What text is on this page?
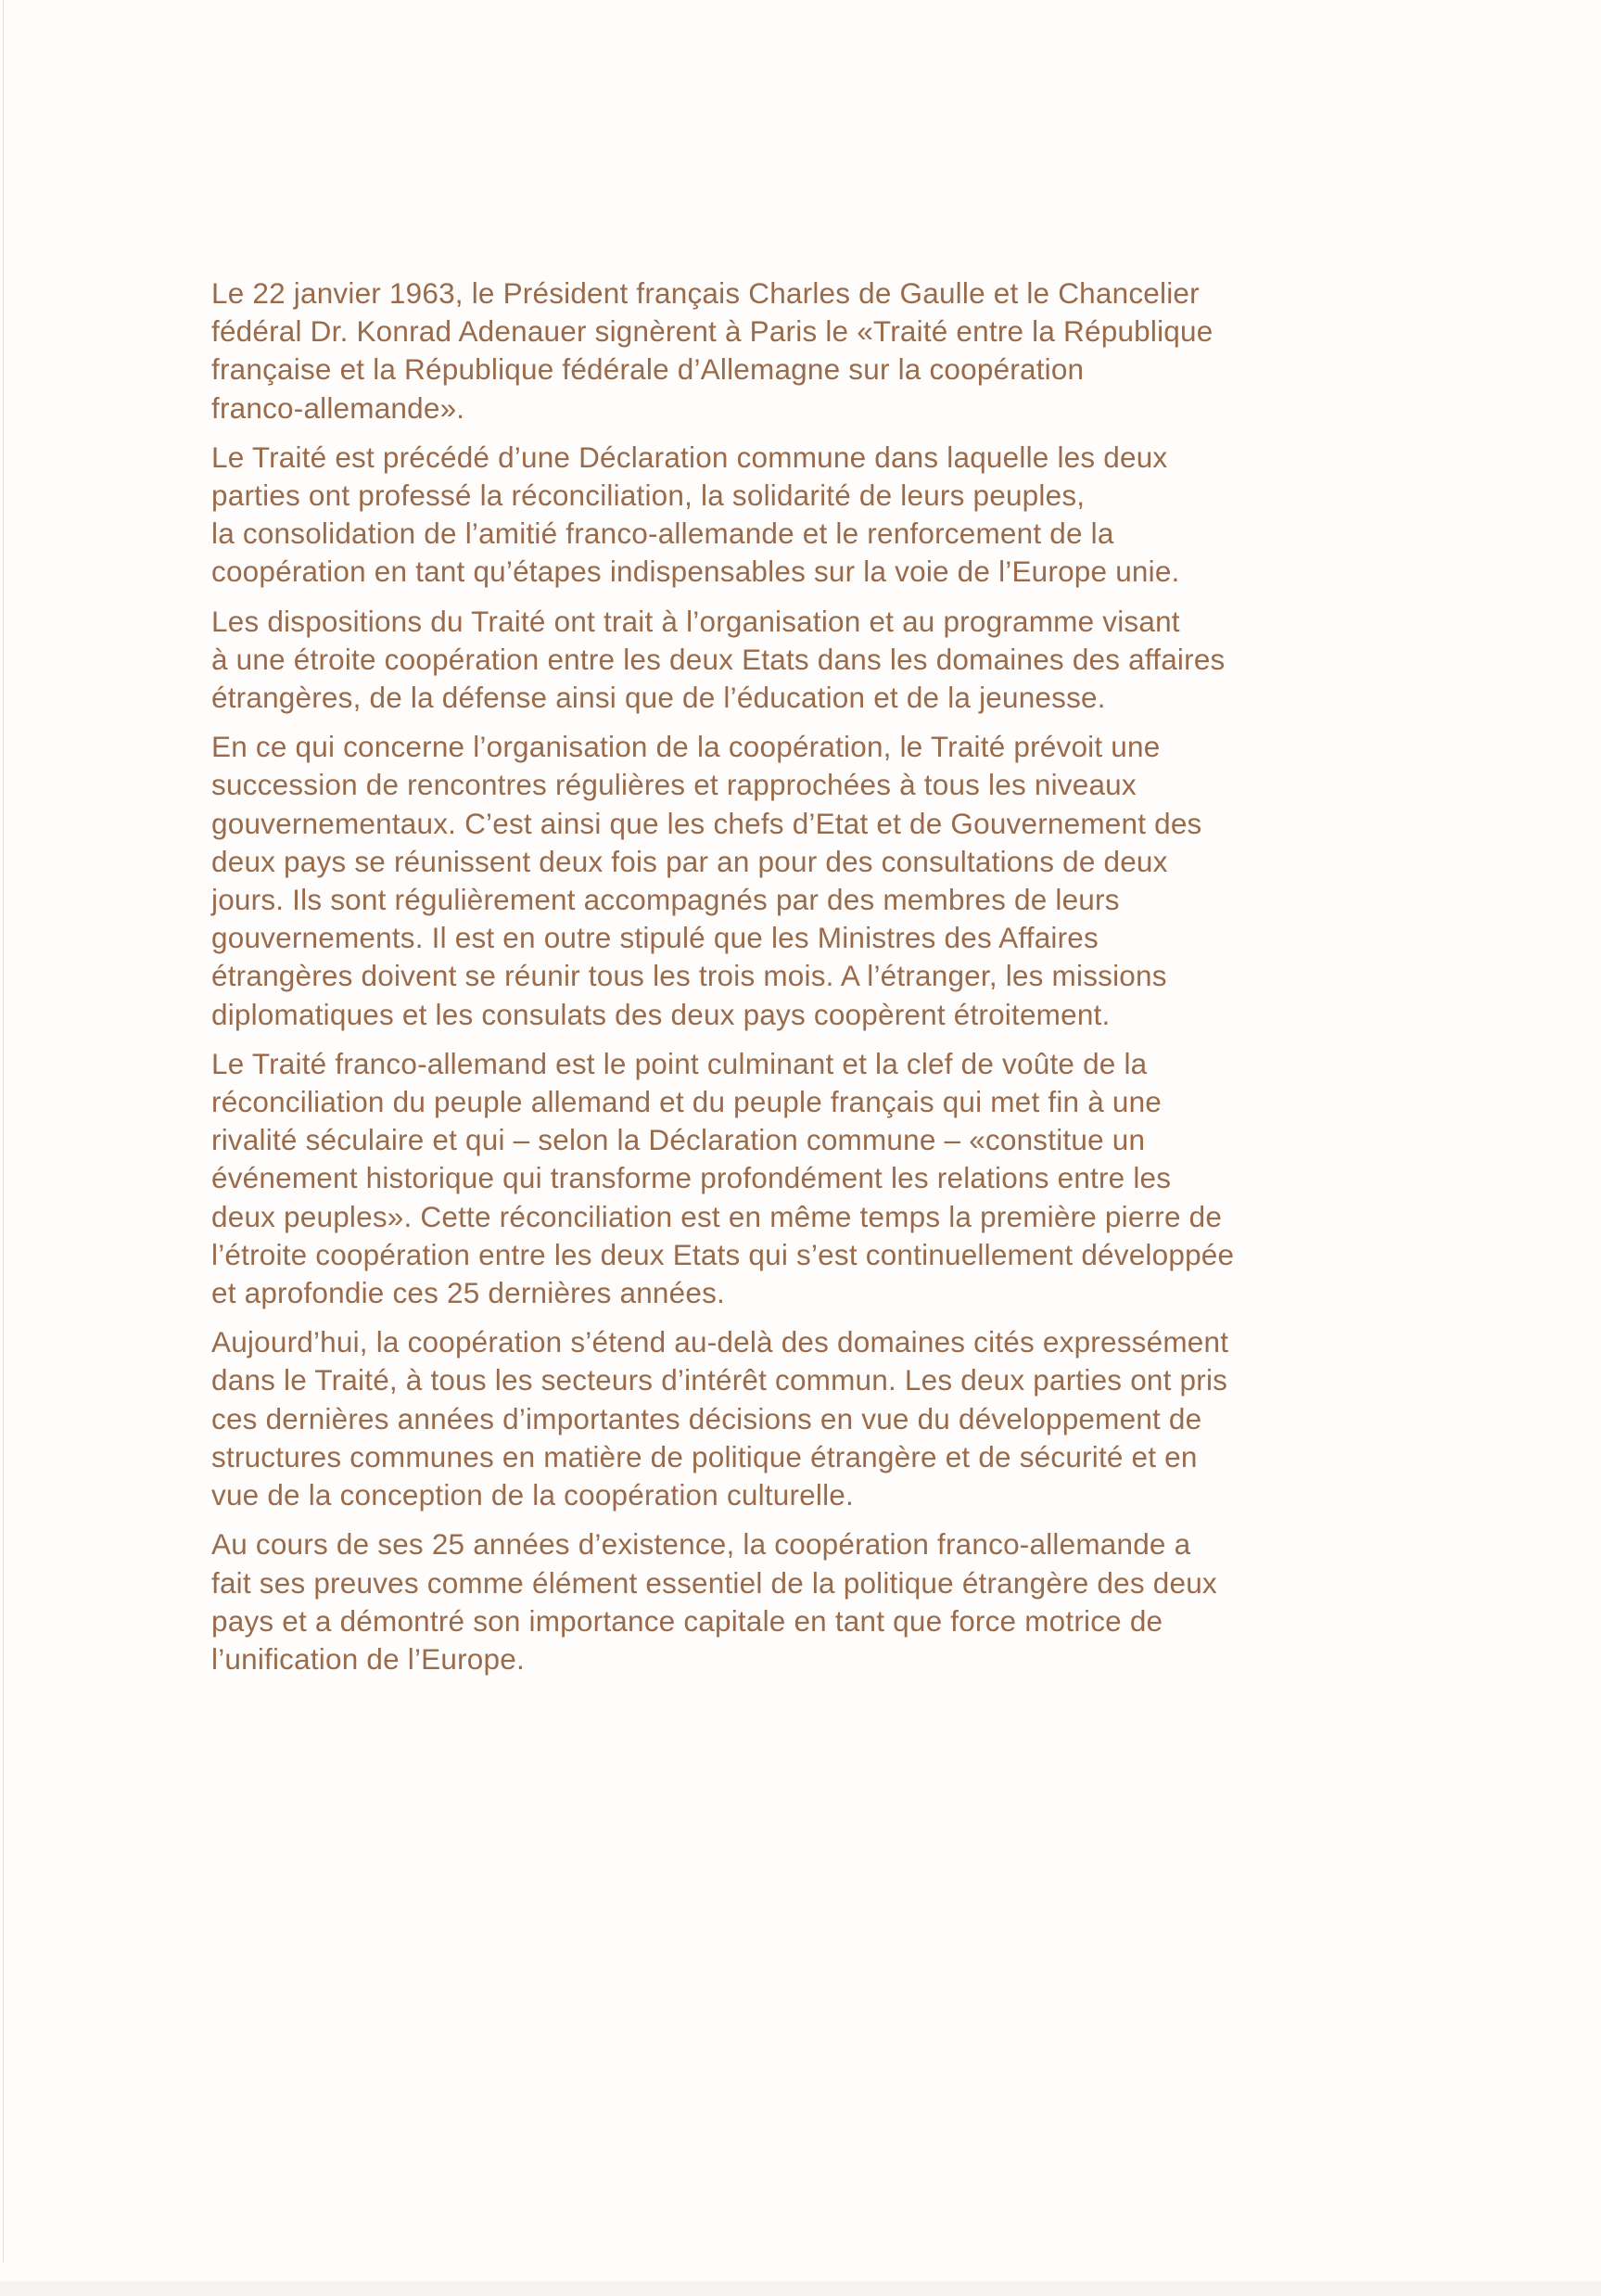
Le 22 janvier 1963, le Président français Charles de Gaulle et le Chancelier
fédéral Dr. Konrad Adenauer signèrent à Paris le «Traité entre la République
française et la République fédérale d’Allemagne sur la coopération
franco-allemande».

Le Traité est précédé d’une Déclaration commune dans laquelle les deux
parties ont professé la réconciliation, la solidarité de leurs peuples,
la consolidation de l’amitié franco-allemande et le renforcement de la
coopération en tant qu’étapes indispensables sur la voie de l’Europe unie.

Les dispositions du Traité ont trait à l’organisation et au programme visant
à une étroite coopération entre les deux Etats dans les domaines des affaires
étrangères, de la défense ainsi que de l’éducation et de la jeunesse.

En ce qui concerne l’organisation de la coopération, le Traité prévoit une
succession de rencontres régulières et rapprochées à tous les niveaux
gouvernementaux. C’est ainsi que les chefs d’Etat et de Gouvernement des
deux pays se réunissent deux fois par an pour des consultations de deux
jours. Ils sont régulièrement accompagnés par des membres de leurs
gouvernements. Il est en outre stipulé que les Ministres des Affaires
étrangères doivent se réunir tous les trois mois. A l’étranger, les missions
diplomatiques et les consulats des deux pays coopèrent étroitement.

Le Traité franco-allemand est le point culminant et la clef de voûte de la
réconciliation du peuple allemand et du peuple français qui met fin à une
rivalité séculaire et qui – selon la Déclaration commune – «constitue un
événement historique qui transforme profondément les relations entre les
deux peuples». Cette réconciliation est en même temps la première pierre de
l’étroite coopération entre les deux Etats qui s’est continuellement développée
et aprofondie ces 25 dernières années.

Aujourd’hui, la coopération s’étend au-delà des domaines cités expressément
dans le Traité, à tous les secteurs d’intérêt commun. Les deux parties ont pris
ces dernières années d’importantes décisions en vue du développement de
structures communes en matière de politique étrangère et de sécurité et en
vue de la conception de la coopération culturelle.

Au cours de ses 25 années d’existence, la coopération franco-allemande a
fait ses preuves comme élément essentiel de la politique étrangère des deux
pays et a démontré son importance capitale en tant que force motrice de
l’unification de l’Europe.
